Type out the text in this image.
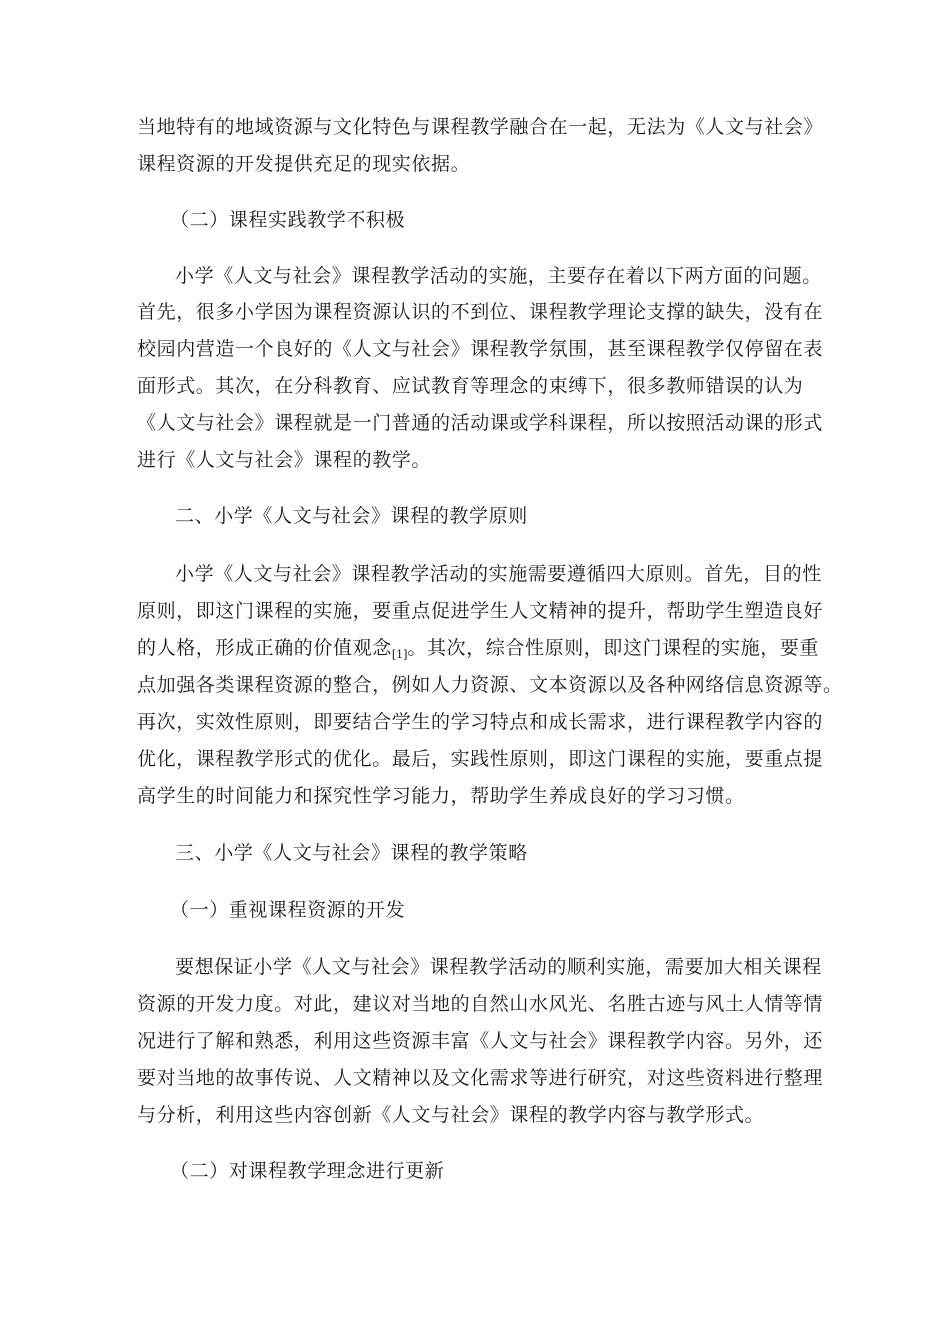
当地特有的地域资源与文化特色与课程教学融合在一起，无法为《人文与社会》
课程资源的开发提供充足的现实依据。
（二）课程实践教学不积极
小学《人文与社会》课程教学活动的实施，主要存在着以下两方面的问题。
首先，很多小学因为课程资源认识的不到位、课程教学理论支撑的缺失，没有在
校园内营造一个良好的《人文与社会》课程教学氛围，甚至课程教学仅停留在表
面形式。其次，在分科教育、应试教育等理念的束缚下，很多教师错误的认为
《人文与社会》课程就是一门普通的活动课或学科课程，所以按照活动课的形式
进行《人文与社会》课程的教学。
二、小学《人文与社会》课程的教学原则
小学《人文与社会》课程教学活动的实施需要遵循四大原则。首先，目的性
原则，即这门课程的实施，要重点促进学生人文精神的提升，帮助学生塑造良好
的人格，形成正确的价值观念$_{[1]}$。其次，综合性原则，即这门课程的实施，要重
点加强各类课程资源的整合，例如人力资源、文本资源以及各种网络信息资源等。
再次，实效性原则，即要结合学生的学习特点和成长需求，进行课程教学内容的
优化，课程教学形式的优化。最后，实践性原则，即这门课程的实施，要重点提
高学生的时间能力和探究性学习能力，帮助学生养成良好的学习习惯。
三、小学《人文与社会》课程的教学策略
（一）重视课程资源的开发
要想保证小学《人文与社会》课程教学活动的顺利实施，需要加大相关课程
资源的开发力度。对此，建议对当地的自然山水风光、名胜古迹与风土人情等情
况进行了解和熟悉，利用这些资源丰富《人文与社会》课程教学内容。另外，还
要对当地的故事传说、人文精神以及文化需求等进行研究，对这些资料进行整理
与分析，利用这些内容创新《人文与社会》课程的教学内容与教学形式。
（二）对课程教学理念进行更新
